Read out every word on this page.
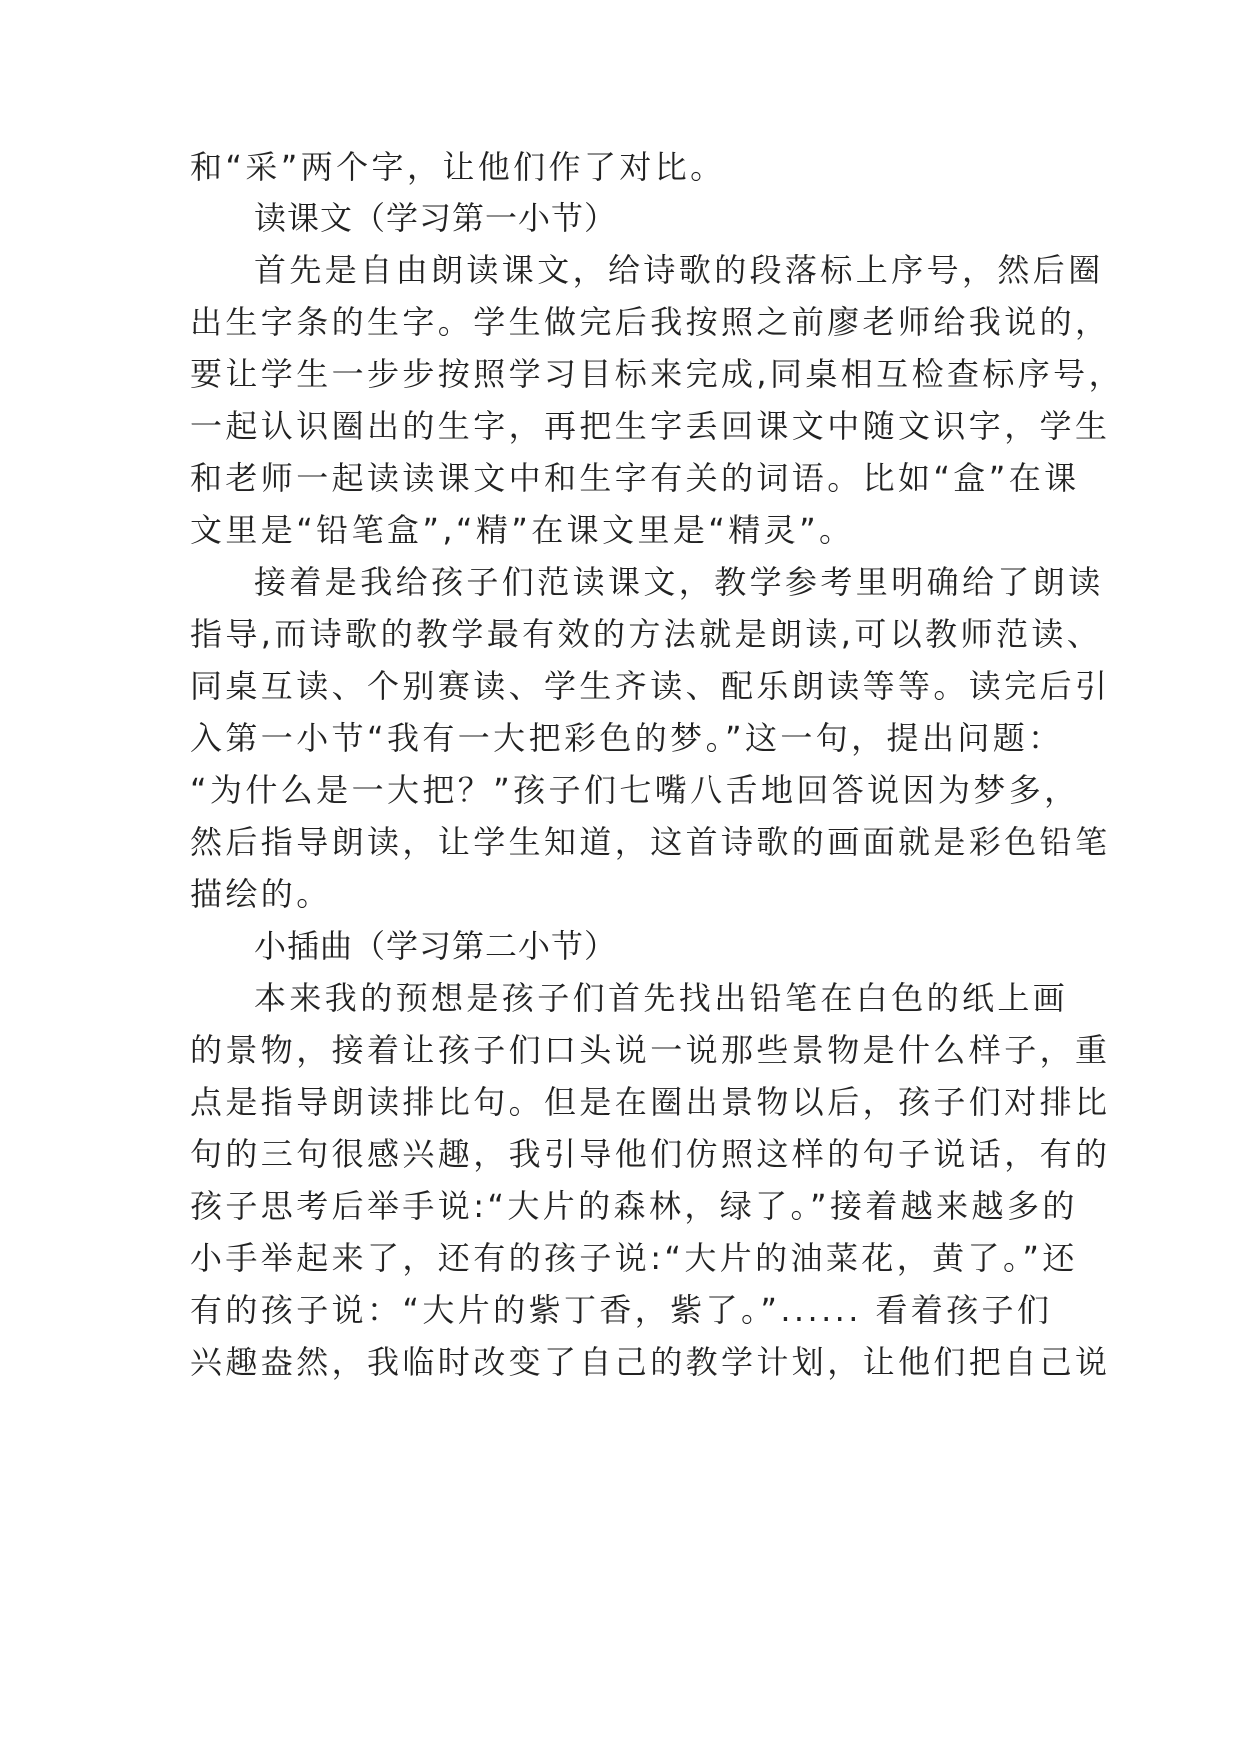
和“采”两个字，让他们作了对比。
读课文（学习第一小节）
首先是自由朗读课文，给诗歌的段落标上序号，然后圈
出生字条的生字。学生做完后我按照之前廖老师给我说的，
要让学生一步步按照学习目标来完成,同桌相互检查标序号，
一起认识圈出的生字，再把生字丢回课文中随文识字，学生
和老师一起读读课文中和生字有关的词语。比如“盒”在课
文里是“铅笔盒”,“精”在课文里是“精灵”。
接着是我给孩子们范读课文，教学参考里明确给了朗读
指导,而诗歌的教学最有效的方法就是朗读,可以教师范读、
同桌互读、个别赛读、学生齐读、配乐朗读等等。读完后引
入第一小节“我有一大把彩色的梦。”这一句，提出问题：
“为什么是一大把？”孩子们七嘴八舌地回答说因为梦多，
然后指导朗读，让学生知道，这首诗歌的画面就是彩色铅笔
描绘的。
小插曲（学习第二小节）
本来我的预想是孩子们首先找出铅笔在白色的纸上画
的景物，接着让孩子们口头说一说那些景物是什么样子，重
点是指导朗读排比句。但是在圈出景物以后，孩子们对排比
句的三句很感兴趣，我引导他们仿照这样的句子说话，有的
孩子思考后举手说:“大片的森林，绿了。”接着越来越多的
小手举起来了，还有的孩子说:“大片的油菜花，黄了。”还
有的孩子说：“大片的紫丁香，紫了。”...... 看着孩子们
兴趣盎然，我临时改变了自己的教学计划，让他们把自己说
